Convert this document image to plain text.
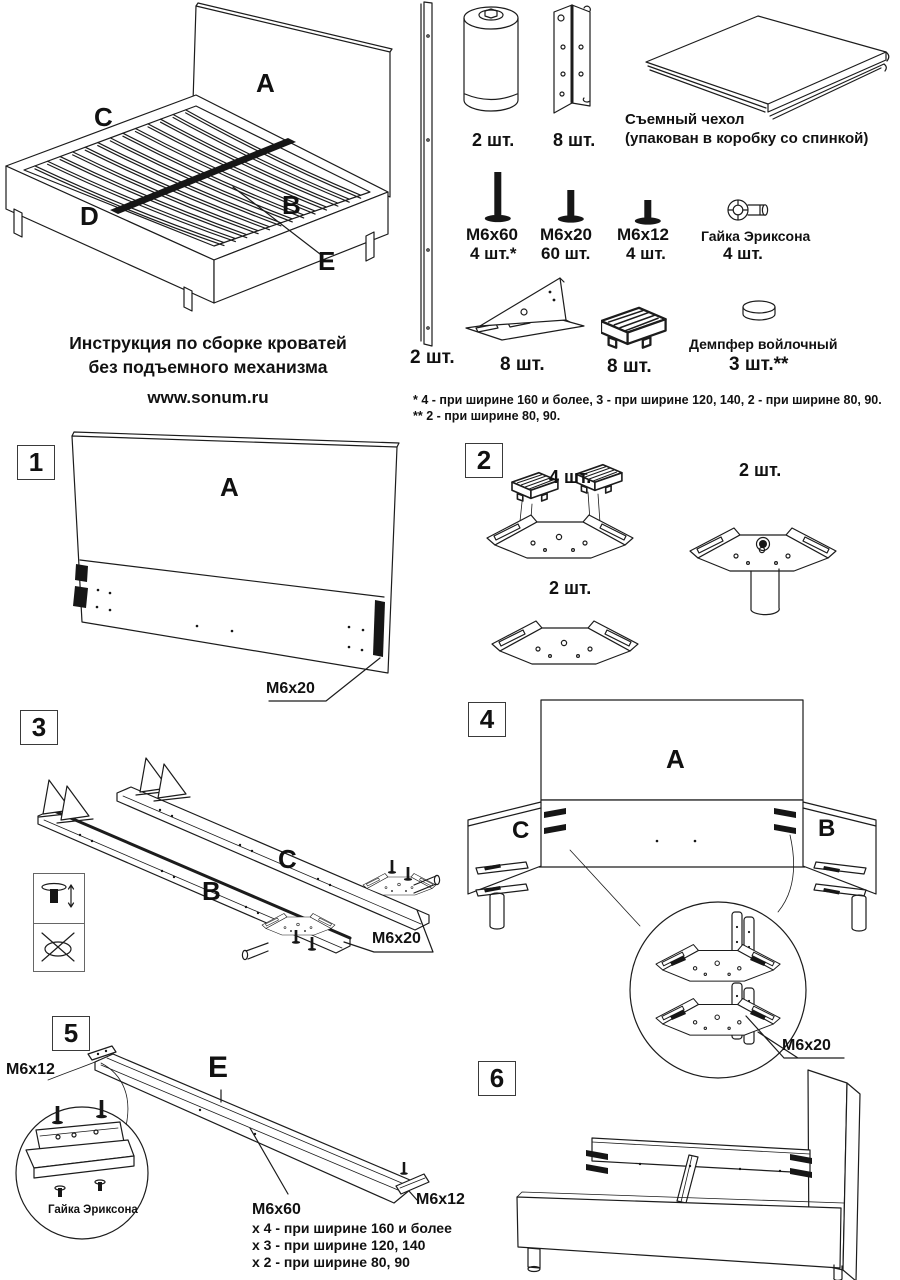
A
C
D	B
E
Инструкция по сборке кроватей
без подъемного механизма
www.sonum.ru
2 шт.
2 шт. 8 шт.
Съемный чехол
(упакован в коробку со спинкой)
M6x60
4 шт.*
M6x20
60 шт.
M6x12
4 шт.
Гайка Эриксона
4 шт.
8 шт.	8 шт.
Демпфер войлочный
3 шт.**
* 4 - при ширине 160 и более, 3 - при ширине 120, 140, 2 - при ширине 80, 90.
** 2 - при ширине 80, 90.
1
A
M6x20
2
4 шт.	2 шт.
2 шт.
3
B
C
M6x20
4
A
C	B
M6x20
5
M6x12	E
Гайка Эриксона
M6x12
M6x60
x 4 - при ширине 160 и более
x 3 - при ширине 120, 140
x 2 - при ширине 80, 90
6
